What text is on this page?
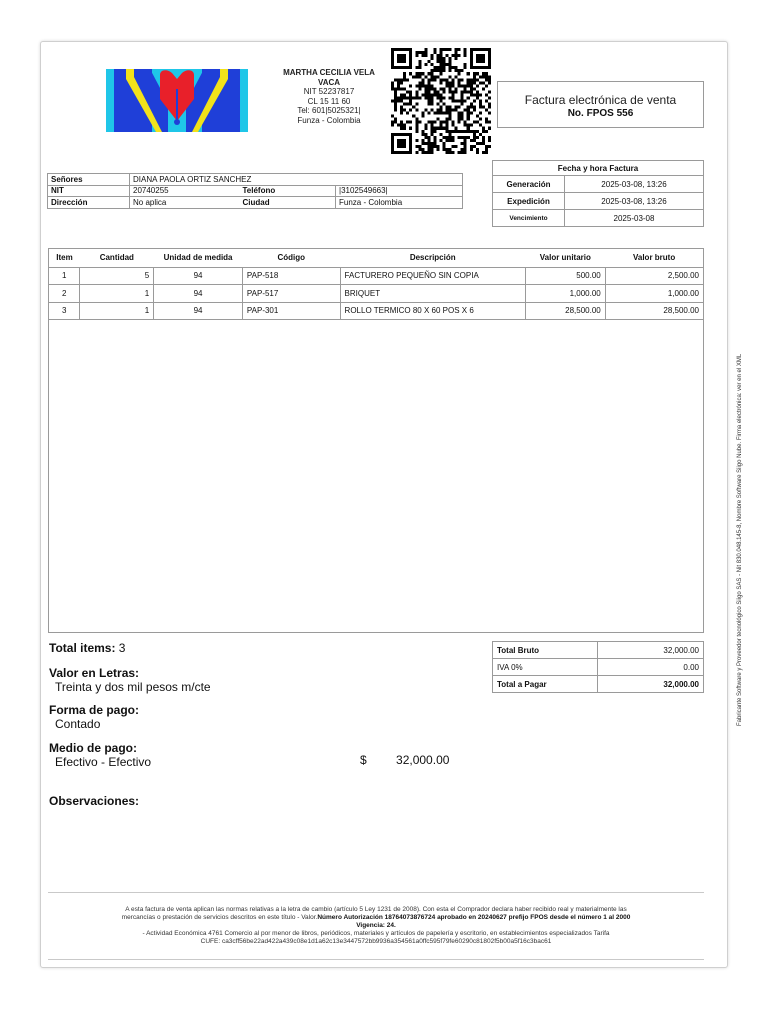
MARTHA CECILIA VELA VACA
NIT 52237817
CL 15 11 60
Tel: 601|5025321|
Funza - Colombia
Factura electrónica de venta
No. FPOS 556
Señores	DIANA PAOLA ORTIZ SANCHEZ		
NIT	20740255	Teléfono	|3102549663|
Dirección	No aplica	Ciudad	Funza - Colombia
Fecha y hora Factura	
Generación	2025-03-08, 13:26
Expedición	2025-03-08, 13:26
Vencimiento	2025-03-08
Item	Cantidad	Unidad de medida	Código	Descripción	Valor unitario	Valor bruto
1	5	94	PAP-518	FACTURERO PEQUEÑO SIN COPIA	500.00	2,500.00
2	1	94	PAP-517	BRIQUET	1,000.00	1,000.00
3	1	94	PAP-301	ROLLO TERMICO 80 X 60 POS X 6	28,500.00	28,500.00
Total items: 3
Valor en Letras:
Treinta y dos mil pesos m/cte
Forma de pago:
Contado
Medio de pago:
Efectivo - Efectivo	$ 32,000.00
Observaciones:
Total Bruto	32,000.00
IVA 0%	0.00
Total a Pagar	32,000.00
A esta factura de venta aplican las normas relativas a la letra de cambio (artículo 5 Ley 1231 de 2008). Con esta el Comprador declara haber recibido real y materialmente las
mercancías o prestación de servicios descritos en este título - Valor.Número Autorización 18764073876724 aprobado en 20240627 prefijo FPOS desde el número 1 al 2000
Vigencia: 24.
- Actividad Económica 4761 Comercio al por menor de libros, periódicos, materiales y artículos de papelería y escritorio, en establecimientos especializados Tarifa
CUFE: ca3cff56be22ad422a439c08e1d1a62c13e3447572bb9936a354561a0ffc595f79fe60290c81802f5b00a5f16c3bac61
Fabricante Software y Proveedor tecnológico Siigo SAS - Nit 830.048.145-8, Nombre Software Siigo Nube. Firma electrónica: ver en el XML
